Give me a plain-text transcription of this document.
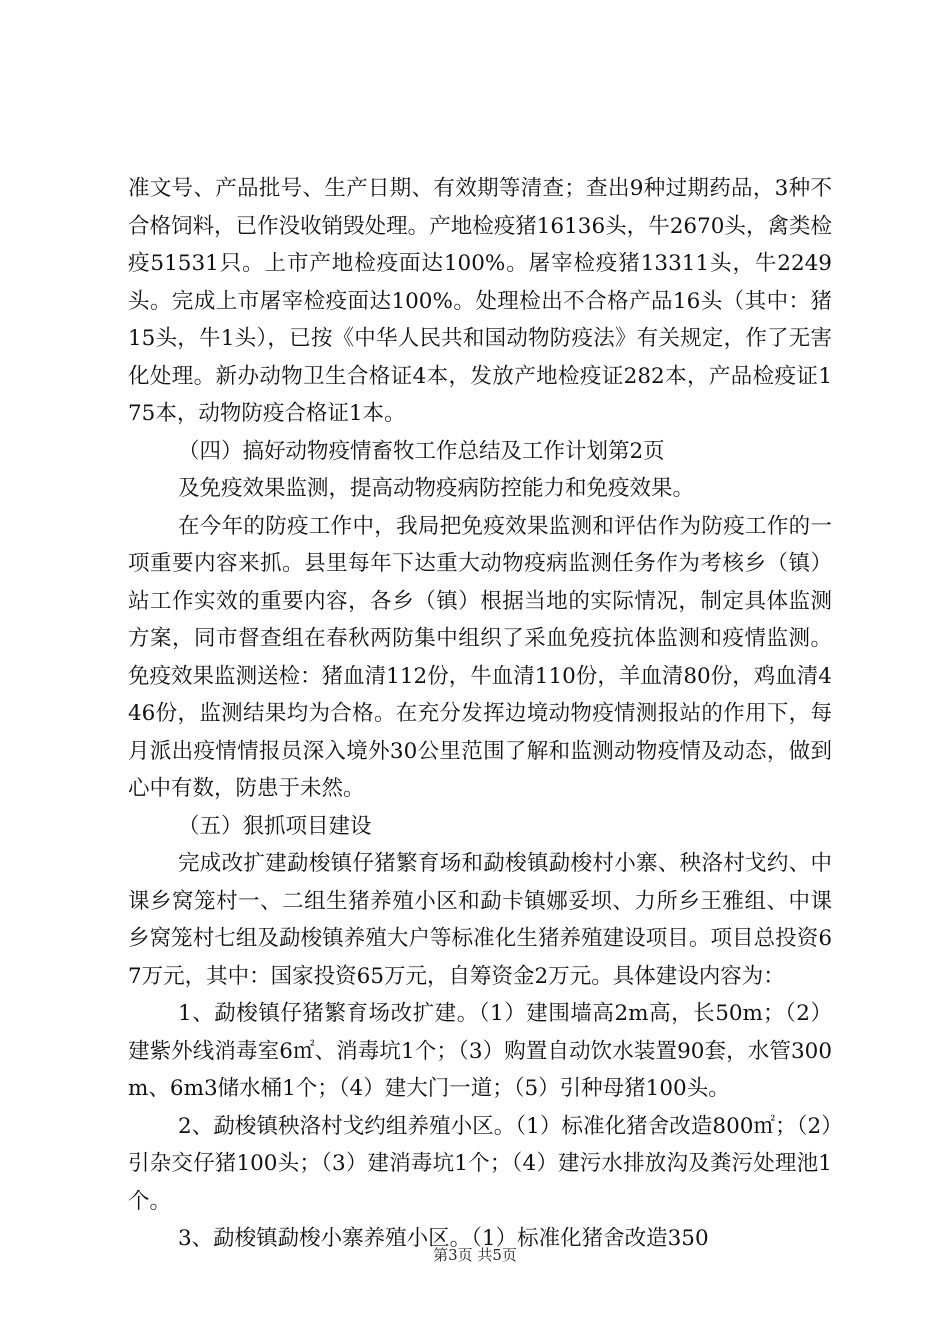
准文号、产品批号、生产日期、有效期等清查；查出9种过期药品，3种不合格饲料，已作没收销毁处理。产地检疫猪16136头，牛2670头，禽类检疫51531只。上市产地检疫面达100%。屠宰检疫猪13311头，牛2249头。完成上市屠宰检疫面达100%。处理检出不合格产品16头（其中：猪15头，牛1头），已按《中华人民共和国动物防疫法》有关规定，作了无害化处理。新办动物卫生合格证4本，发放产地检疫证282本，产品检疫证175本，动物防疫合格证1本。

（四）搞好动物疫情畜牧工作总结及工作计划第2页

及免疫效果监测，提高动物疫病防控能力和免疫效果。

在今年的防疫工作中，我局把免疫效果监测和评估作为防疫工作的一项重要内容来抓。县里每年下达重大动物疫病监测任务作为考核乡（镇）站工作实效的重要内容，各乡（镇）根据当地的实际情况，制定具体监测方案，同市督查组在春秋两防集中组织了采血免疫抗体监测和疫情监测。免疫效果监测送检：猪血清112份，牛血清110份，羊血清80份，鸡血清446份，监测结果均为合格。在充分发挥边境动物疫情测报站的作用下，每月派出疫情情报员深入境外30公里范围了解和监测动物疫情及动态，做到心中有数，防患于未然。

（五）狠抓项目建设

完成改扩建勐梭镇仔猪繁育场和勐梭镇勐梭村小寨、秧洛村戈约、中课乡窝笼村一、二组生猪养殖小区和勐卡镇娜妥坝、力所乡王雅组、中课乡窝笼村七组及勐梭镇养殖大户等标准化生猪养殖建设项目。项目总投资67万元，其中：国家投资65万元，自筹资金2万元。具体建设内容为：

1、勐梭镇仔猪繁育场改扩建。（1）建围墙高2m高，长50m；（2）建紫外线消毒室6㎡、消毒坑1个；（3）购置自动饮水装置90套，水管300m、6m3储水桶1个；（4）建大门一道；（5）引种母猪100头。

2、勐梭镇秧洛村戈约组养殖小区。（1）标准化猪舍改造800㎡；（2）引杂交仔猪100头；（3）建消毒坑1个；（4）建污水排放沟及粪污处理池1个。

3、勐梭镇勐梭小寨养殖小区。（1）标准化猪舍改造350

第3页 共5页
